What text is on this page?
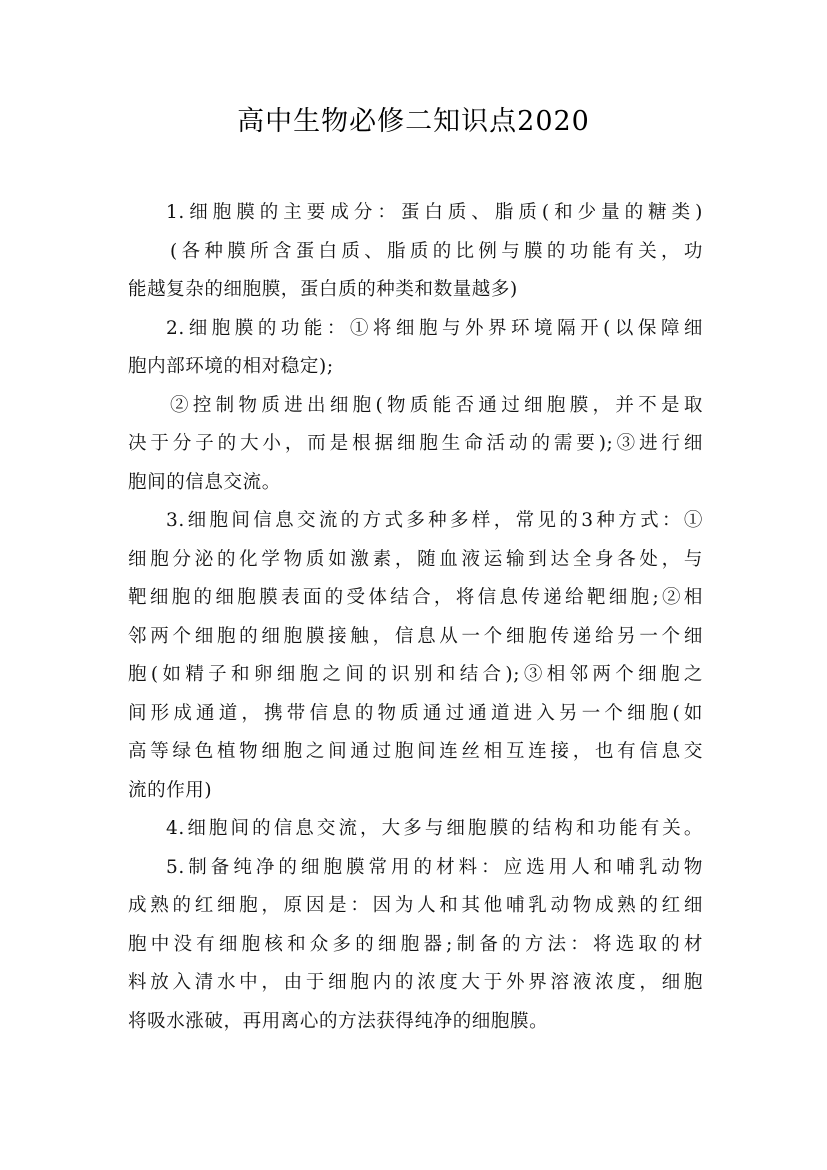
高中生物必修二知识点2020
1.细胞膜的主要成分：蛋白质、脂质(和少量的糖类)
(各种膜所含蛋白质、脂质的比例与膜的功能有关，功
能越复杂的细胞膜，蛋白质的种类和数量越多)
2.细胞膜的功能：①将细胞与外界环境隔开(以保障细
胞内部环境的相对稳定);
②控制物质进出细胞(物质能否通过细胞膜，并不是取
决于分子的大小，而是根据细胞生命活动的需要);③进行细
胞间的信息交流。
3.细胞间信息交流的方式多种多样，常见的3种方式：①
细胞分泌的化学物质如激素，随血液运输到达全身各处，与
靶细胞的细胞膜表面的受体结合，将信息传递给靶细胞;②相
邻两个细胞的细胞膜接触，信息从一个细胞传递给另一个细
胞(如精子和卵细胞之间的识别和结合);③相邻两个细胞之
间形成通道，携带信息的物质通过通道进入另一个细胞(如
高等绿色植物细胞之间通过胞间连丝相互连接，也有信息交
流的作用)
4.细胞间的信息交流，大多与细胞膜的结构和功能有关。
5.制备纯净的细胞膜常用的材料：应选用人和哺乳动物
成熟的红细胞，原因是：因为人和其他哺乳动物成熟的红细
胞中没有细胞核和众多的细胞器;制备的方法：将选取的材
料放入清水中，由于细胞内的浓度大于外界溶液浓度，细胞
将吸水涨破，再用离心的方法获得纯净的细胞膜。
